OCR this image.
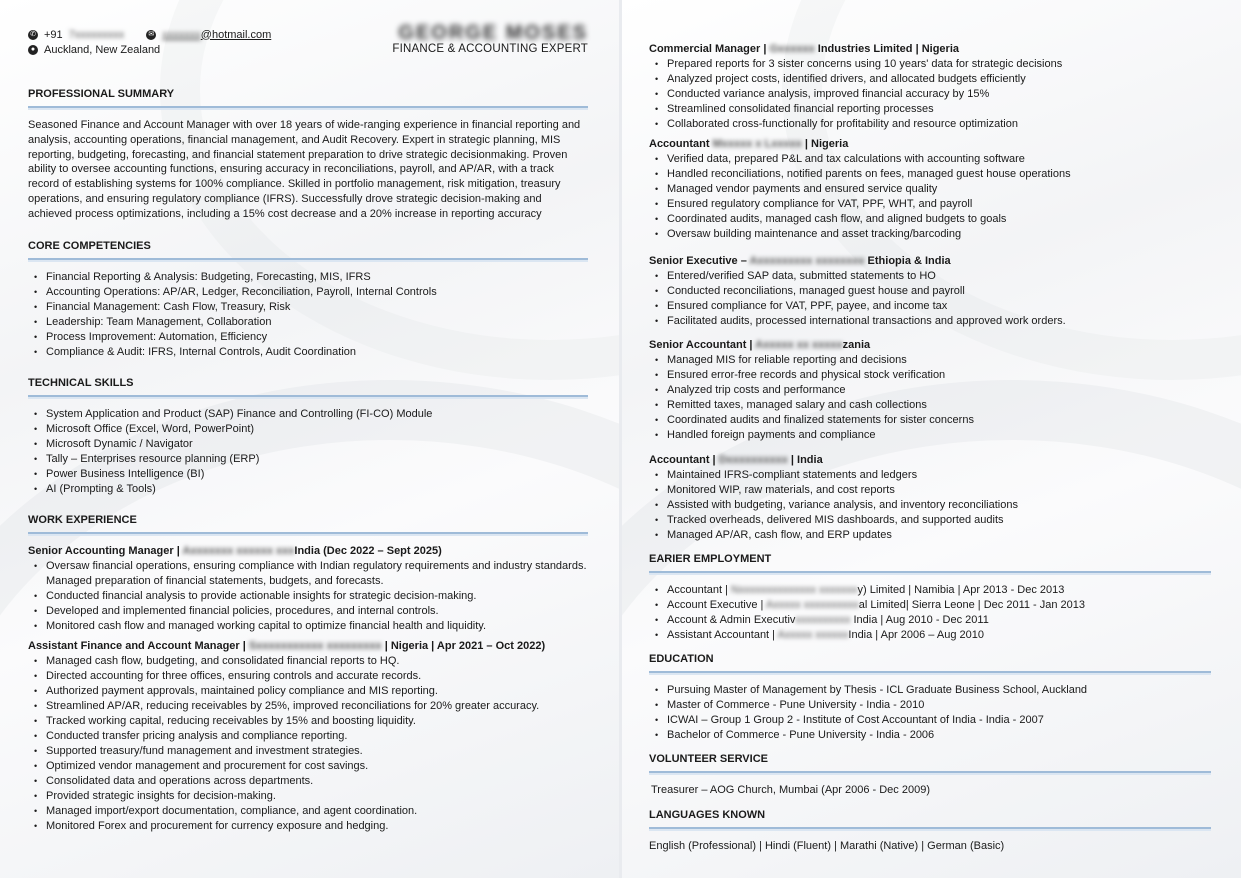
✆ +91 7xxxxxxxxx	✉ xxxxxxx@hotmail.com
● Auckland, New Zealand
GEORGE MOSES
FINANCE & ACCOUNTING EXPERT
PROFESSIONAL SUMMARY

Seasoned Finance and Account Manager with over 18 years of wide-ranging experience in financial reporting and analysis, accounting operations, financial management, and Audit Recovery. Expert in strategic planning, MIS reporting, budgeting, forecasting, and financial statement preparation to drive strategic decisionmaking. Proven ability to oversee accounting functions, ensuring accuracy in reconciliations, payroll, and AP/AR, with a track record of establishing systems for 100% compliance. Skilled in portfolio management, risk mitigation, treasury operations, and ensuring regulatory compliance (IFRS). Successfully drove strategic decision-making and achieved process optimizations, including a 15% cost decrease and a 20% increase in reporting accuracy

CORE COMPETENCIES
• Financial Reporting & Analysis: Budgeting, Forecasting, MIS, IFRS
• Accounting Operations: AP/AR, Ledger, Reconciliation, Payroll, Internal Controls
• Financial Management: Cash Flow, Treasury, Risk
• Leadership: Team Management, Collaboration
• Process Improvement: Automation, Efficiency
• Compliance & Audit: IFRS, Internal Controls, Audit Coordination
TECHNICAL SKILLS
• System Application and Product (SAP) Finance and Controlling (FI-CO) Module
• Microsoft Office (Excel, Word, PowerPoint)
• Microsoft Dynamic / Navigator
• Tally – Enterprises resource planning (ERP)
• Power Business Intelligence (BI)
• AI (Prompting & Tools)
WORK EXPERIENCE
Senior Accounting Manager | Axxxxxxx xxxxxx xxxIndia (Dec 2022 – Sept 2025)
• Oversaw financial operations, ensuring compliance with Indian regulatory requirements and industry standards. Managed preparation of financial statements, budgets, and forecasts.
• Conducted financial analysis to provide actionable insights for strategic decision-making.
• Developed and implemented financial policies, procedures, and internal controls.
• Monitored cash flow and managed working capital to optimize financial health and liquidity.
Assistant Finance and Account Manager | Sxxxxxxxxxxx xxxxxxxxx | Nigeria | Apr 2021 – Oct 2022)
• Managed cash flow, budgeting, and consolidated financial reports to HQ.
• Directed accounting for three offices, ensuring controls and accurate records.
• Authorized payment approvals, maintained policy compliance and MIS reporting.
• Streamlined AP/AR, reducing receivables by 25%, improved reconciliations for 20% greater accuracy.
• Tracked working capital, reducing receivables by 15% and boosting liquidity.
• Conducted transfer pricing analysis and compliance reporting.
• Supported treasury/fund management and investment strategies.
• Optimized vendor management and procurement for cost savings.
• Consolidated data and operations across departments.
• Provided strategic insights for decision-making.
• Managed import/export documentation, compliance, and agent coordination.
• Monitored Forex and procurement for currency exposure and hedging.
Commercial Manager | Gxxxxxx Industries Limited | Nigeria
• Prepared reports for 3 sister concerns using 10 years' data for strategic decisions
• Analyzed project costs, identified drivers, and allocated budgets efficiently
• Conducted variance analysis, improved financial accuracy by 15%
• Streamlined consolidated financial reporting processes
• Collaborated cross-functionally for profitability and resource optimization
Accountant Mxxxxx x Lxxxxx | Nigeria
• Verified data, prepared P&L and tax calculations with accounting software
• Handled reconciliations, notified parents on fees, managed guest house operations
• Managed vendor payments and ensured service quality
• Ensured regulatory compliance for VAT, PPF, WHT, and payroll
• Coordinated audits, managed cash flow, and aligned budgets to goals
• Oversaw building maintenance and asset tracking/barcoding
Senior Executive – Axxxxxxxxx xxxxxxxx Ethiopia & India
• Entered/verified SAP data, submitted statements to HO
• Conducted reconciliations, managed guest house and payroll
• Ensured compliance for VAT, PPF, payee, and income tax
• Facilitated audits, processed international transactions and approved work orders.
Senior Accountant | Axxxxx xx xxxxxzania
• Managed MIS for reliable reporting and decisions
• Ensured error-free records and physical stock verification
• Analyzed trip costs and performance
• Remitted taxes, managed salary and cash collections
• Coordinated audits and finalized statements for sister concerns
• Handled foreign payments and compliance
Accountant | Dxxxxxxxxxx | India
• Maintained IFRS-compliant statements and ledgers
• Monitored WIP, raw materials, and cost reports
• Assisted with budgeting, variance analysis, and inventory reconciliations
• Tracked overheads, delivered MIS dashboards, and supported audits
• Managed AP/AR, cash flow, and ERP updates
EARIER EMPLOYMENT
• Accountant | Nxxxxxxxxxxxxxx xxxxxxxy) Limited | Namibia | Apr 2013 - Dec 2013
• Account Executive | Axxxxx xxxxxxxxxxal Limited| Sierra Leone | Dec 2011 - Jan 2013
• Account & Admin Executivxxxxxxxxxx India | Aug 2010 - Dec 2011
• Assistant Accountant | Axxxxx xxxxxxIndia | Apr 2006 – Aug 2010
EDUCATION
• Pursuing Master of Management by Thesis - ICL Graduate Business School, Auckland
• Master of Commerce - Pune University - India - 2010
• ICWAI – Group 1 Group 2 - Institute of Cost Accountant of India - India - 2007
• Bachelor of Commerce - Pune University - India - 2006
VOLUNTEER SERVICE
Treasurer – AOG Church, Mumbai (Apr 2006 - Dec 2009)
LANGUAGES KNOWN
English (Professional) | Hindi (Fluent) | Marathi (Native) | German (Basic)
